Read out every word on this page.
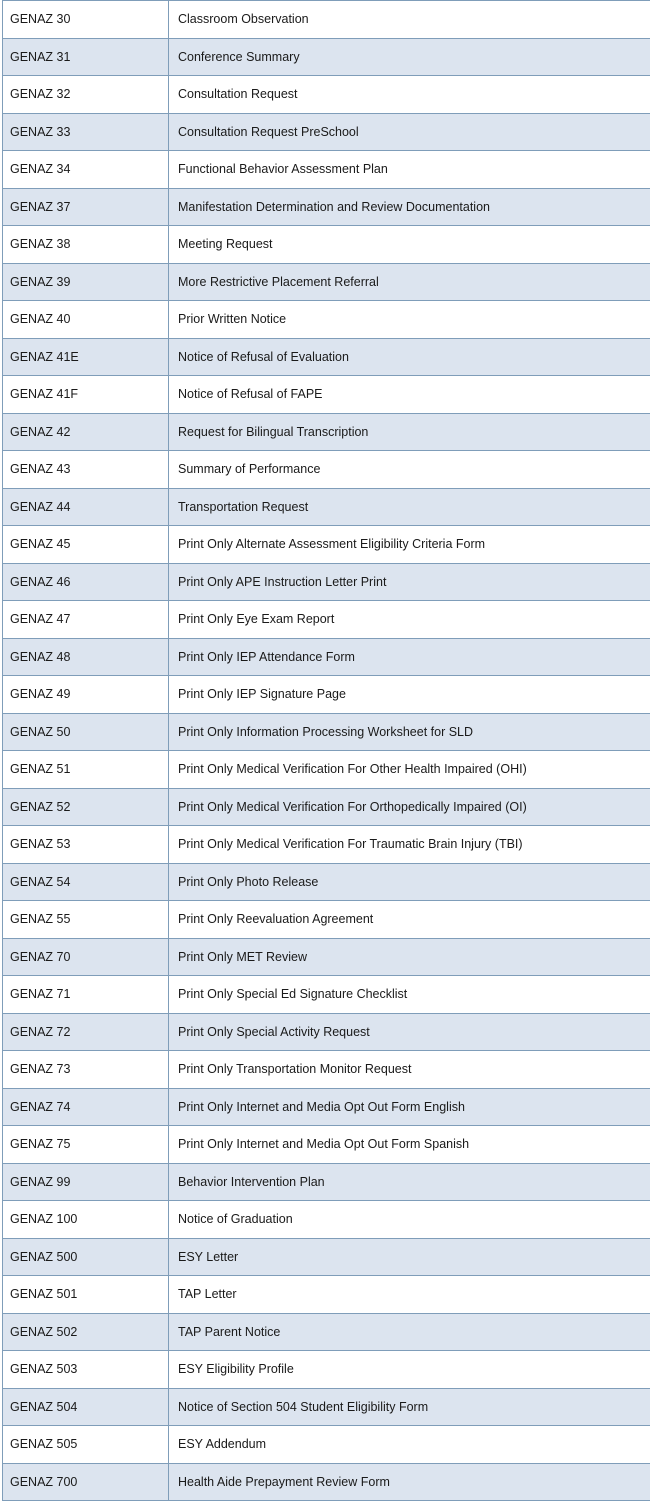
GENAZ 30	Classroom Observation
GENAZ 31	Conference Summary
GENAZ 32	Consultation Request
GENAZ 33	Consultation Request PreSchool
GENAZ 34	Functional Behavior Assessment Plan
GENAZ 37	Manifestation Determination and Review Documentation
GENAZ 38	Meeting Request
GENAZ 39	More Restrictive Placement Referral
GENAZ 40	Prior Written Notice
GENAZ 41E	Notice of Refusal of Evaluation
GENAZ 41F	Notice of Refusal of FAPE
GENAZ 42	Request for Bilingual Transcription
GENAZ 43	Summary of Performance
GENAZ 44	Transportation Request
GENAZ 45	Print Only Alternate Assessment Eligibility Criteria Form
GENAZ 46	Print Only APE Instruction Letter Print
GENAZ 47	Print Only Eye Exam Report
GENAZ 48	Print Only IEP Attendance Form
GENAZ 49	Print Only IEP Signature Page
GENAZ 50	Print Only Information Processing Worksheet for SLD
GENAZ 51	Print Only Medical Verification For Other Health Impaired (OHI)
GENAZ 52	Print Only Medical Verification For Orthopedically Impaired (OI)
GENAZ 53	Print Only Medical Verification For Traumatic Brain Injury (TBI)
GENAZ 54	Print Only Photo Release
GENAZ 55	Print Only Reevaluation Agreement
GENAZ 70	Print Only MET Review
GENAZ 71	Print Only Special Ed Signature Checklist
GENAZ 72	Print Only Special Activity Request
GENAZ 73	Print Only Transportation Monitor Request
GENAZ 74	Print Only Internet and Media Opt Out Form English
GENAZ 75	Print Only Internet and Media Opt Out Form Spanish
GENAZ 99	Behavior Intervention Plan
GENAZ 100	Notice of Graduation
GENAZ 500	ESY Letter
GENAZ 501	TAP Letter
GENAZ 502	TAP Parent Notice
GENAZ 503	ESY Eligibility Profile
GENAZ 504	Notice of Section 504 Student Eligibility Form
GENAZ 505	ESY Addendum
GENAZ 700	Health Aide Prepayment Review Form
